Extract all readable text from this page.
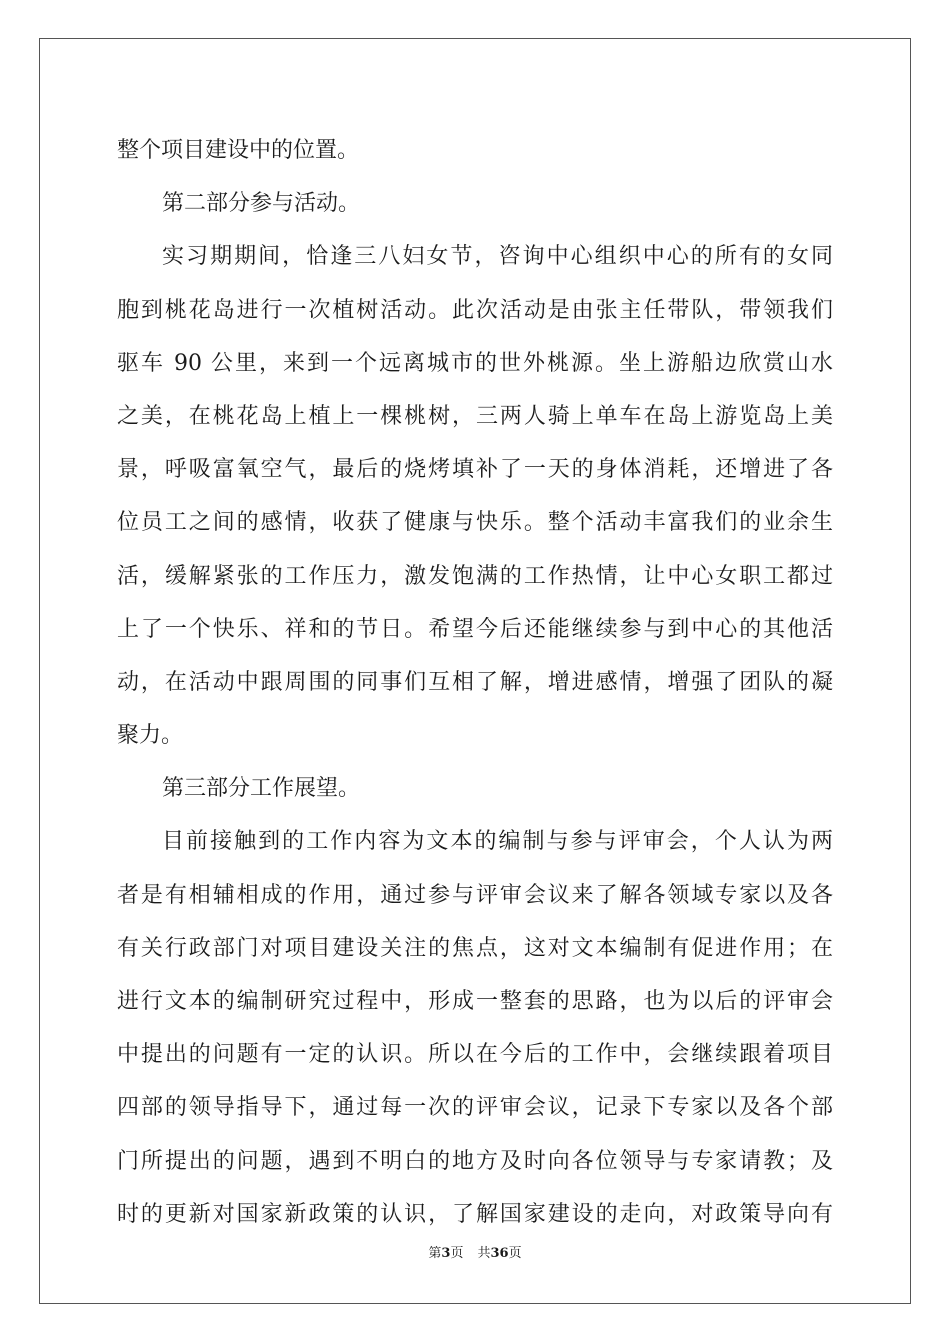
整个项目建设中的位置。
第二部分参与活动。
实习期期间，恰逢三八妇女节，咨询中心组织中心的所有的女同
胞到桃花岛进行一次植树活动。此次活动是由张主任带队，带领我们
驱车 90 公里，来到一个远离城市的世外桃源。坐上游船边欣赏山水
之美，在桃花岛上植上一棵桃树，三两人骑上单车在岛上游览岛上美
景，呼吸富氧空气，最后的烧烤填补了一天的身体消耗，还增进了各
位员工之间的感情，收获了健康与快乐。整个活动丰富我们的业余生
活，缓解紧张的工作压力，激发饱满的工作热情，让中心女职工都过
上了一个快乐、祥和的节日。希望今后还能继续参与到中心的其他活
动，在活动中跟周围的同事们互相了解，增进感情，增强了团队的凝
聚力。
第三部分工作展望。
目前接触到的工作内容为文本的编制与参与评审会，个人认为两
者是有相辅相成的作用，通过参与评审会议来了解各领域专家以及各
有关行政部门对项目建设关注的焦点，这对文本编制有促进作用；在
进行文本的编制研究过程中，形成一整套的思路，也为以后的评审会
中提出的问题有一定的认识。所以在今后的工作中，会继续跟着项目
四部的领导指导下，通过每一次的评审会议，记录下专家以及各个部
门所提出的问题，遇到不明白的地方及时向各位领导与专家请教；及
时的更新对国家新政策的认识，了解国家建设的走向，对政策导向有
第3页 共36页
